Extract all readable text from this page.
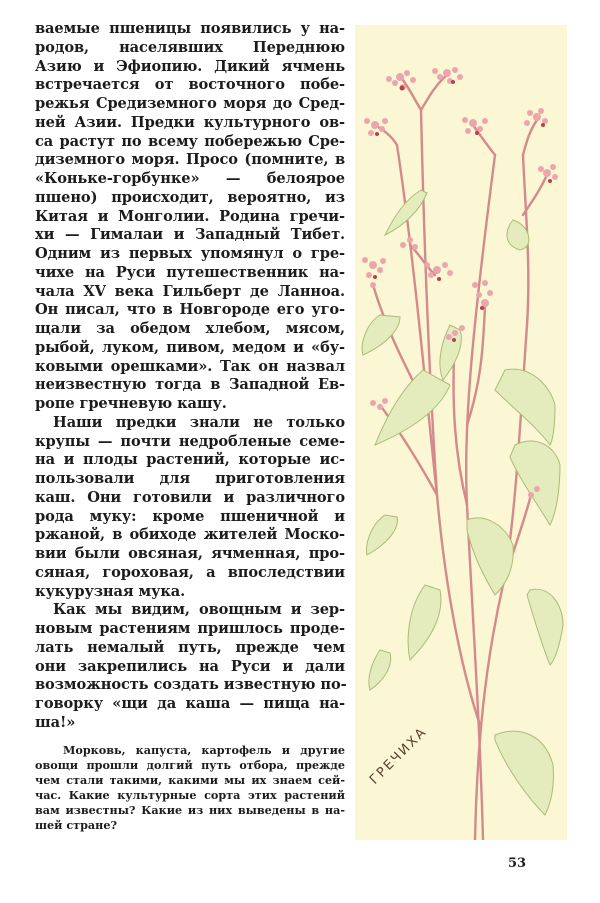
ваемые пшеницы появились у на-
родов, населявших Переднюю
Азию и Эфиопию. Дикий ячмень
встречается от восточного побе-
режья Средиземного моря до Сред-
ней Азии. Предки культурного ов-
са растут по всему побережью Сре-
диземного моря. Просо (помните, в
«Коньке-горбунке» — белоярое
пшено) происходит, вероятно, из
Китая и Монголии. Родина гречи-
хи — Гималаи и Западный Тибет.
Одним из первых упомянул о гре-
чихе на Руси путешественник на-
чала XV века Гильберт де Ланноа.
Он писал, что в Новгороде его уго-
щали за обедом хлебом, мясом,
рыбой, луком, пивом, медом и «бу-
ковыми орешками». Так он назвал
неизвестную тогда в Западной Ев-
ропе гречневую кашу.
Наши предки знали не только
крупы — почти недробленые семе-
на и плоды растений, которые ис-
пользовали для приготовления
каш. Они готовили и различного
рода муку: кроме пшеничной и
ржаной, в обиходе жителей Моско-
вии были овсяная, ячменная, про-
сяная, гороховая, а впоследствии
кукурузная мука.
Как мы видим, овощным и зер-
новым растениям пришлось проде-
лать немалый путь, прежде чем
они закрепились на Руси и дали
возможность создать известную по-
говорку «щи да каша — пища на-
ша!»
Морковь, капуста, картофель и другие
овощи прошли долгий путь отбора, прежде
чем стали такими, какими мы их знаем сей-
час. Какие культурные сорта этих растений
вам известны? Какие из них выведены в на-
шей стране?
ГРЕЧИХА
53
